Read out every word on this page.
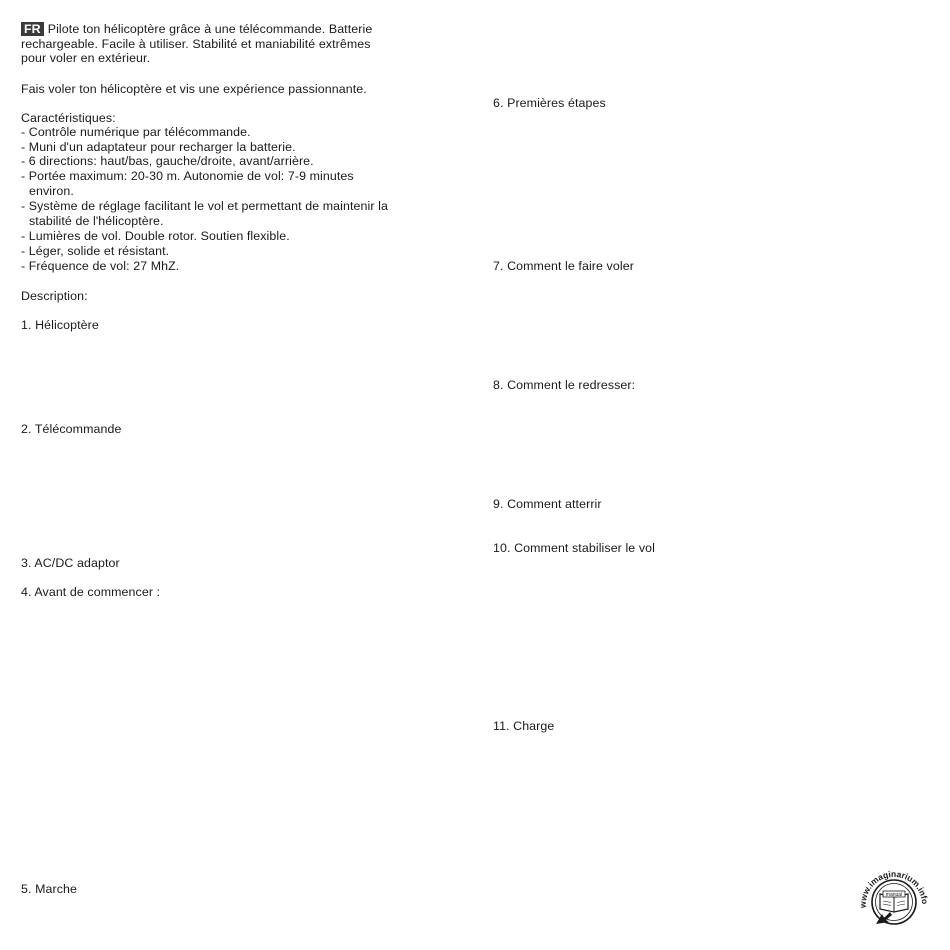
FR Pilote ton hélicoptère grâce à une télécommande. Batterie

rechargeable. Facile à utiliser. Stabilité et maniabilité extrêmes

pour voler en extérieur.

Fais voler ton hélicoptère et vis une expérience passionnante.

Caractéristiques:

- Contrôle numérique par télécommande.

- Muni d'un adaptateur pour recharger la batterie.

- 6 directions: haut/bas, gauche/droite, avant/arrière.

- Portée maximum: 20-30 m. Autonomie de vol: 7-9 minutes

environ.

- Système de réglage facilitant le vol et permettant de maintenir la

stabilité de l'hélicoptère.

- Lumières de vol. Double rotor. Soutien flexible.

- Léger, solide et résistant.

- Fréquence de vol: 27 MhZ.

Description:

1. Hélicoptère

2. Télécommande

3. AC/DC adaptor

4. Avant de commencer :

5. Marche

6. Premières étapes

7. Comment le faire voler

8. Comment le redresser:

9. Comment atterrir

10. Comment stabiliser le vol

11. Charge

www.imaginarium.info
manual
